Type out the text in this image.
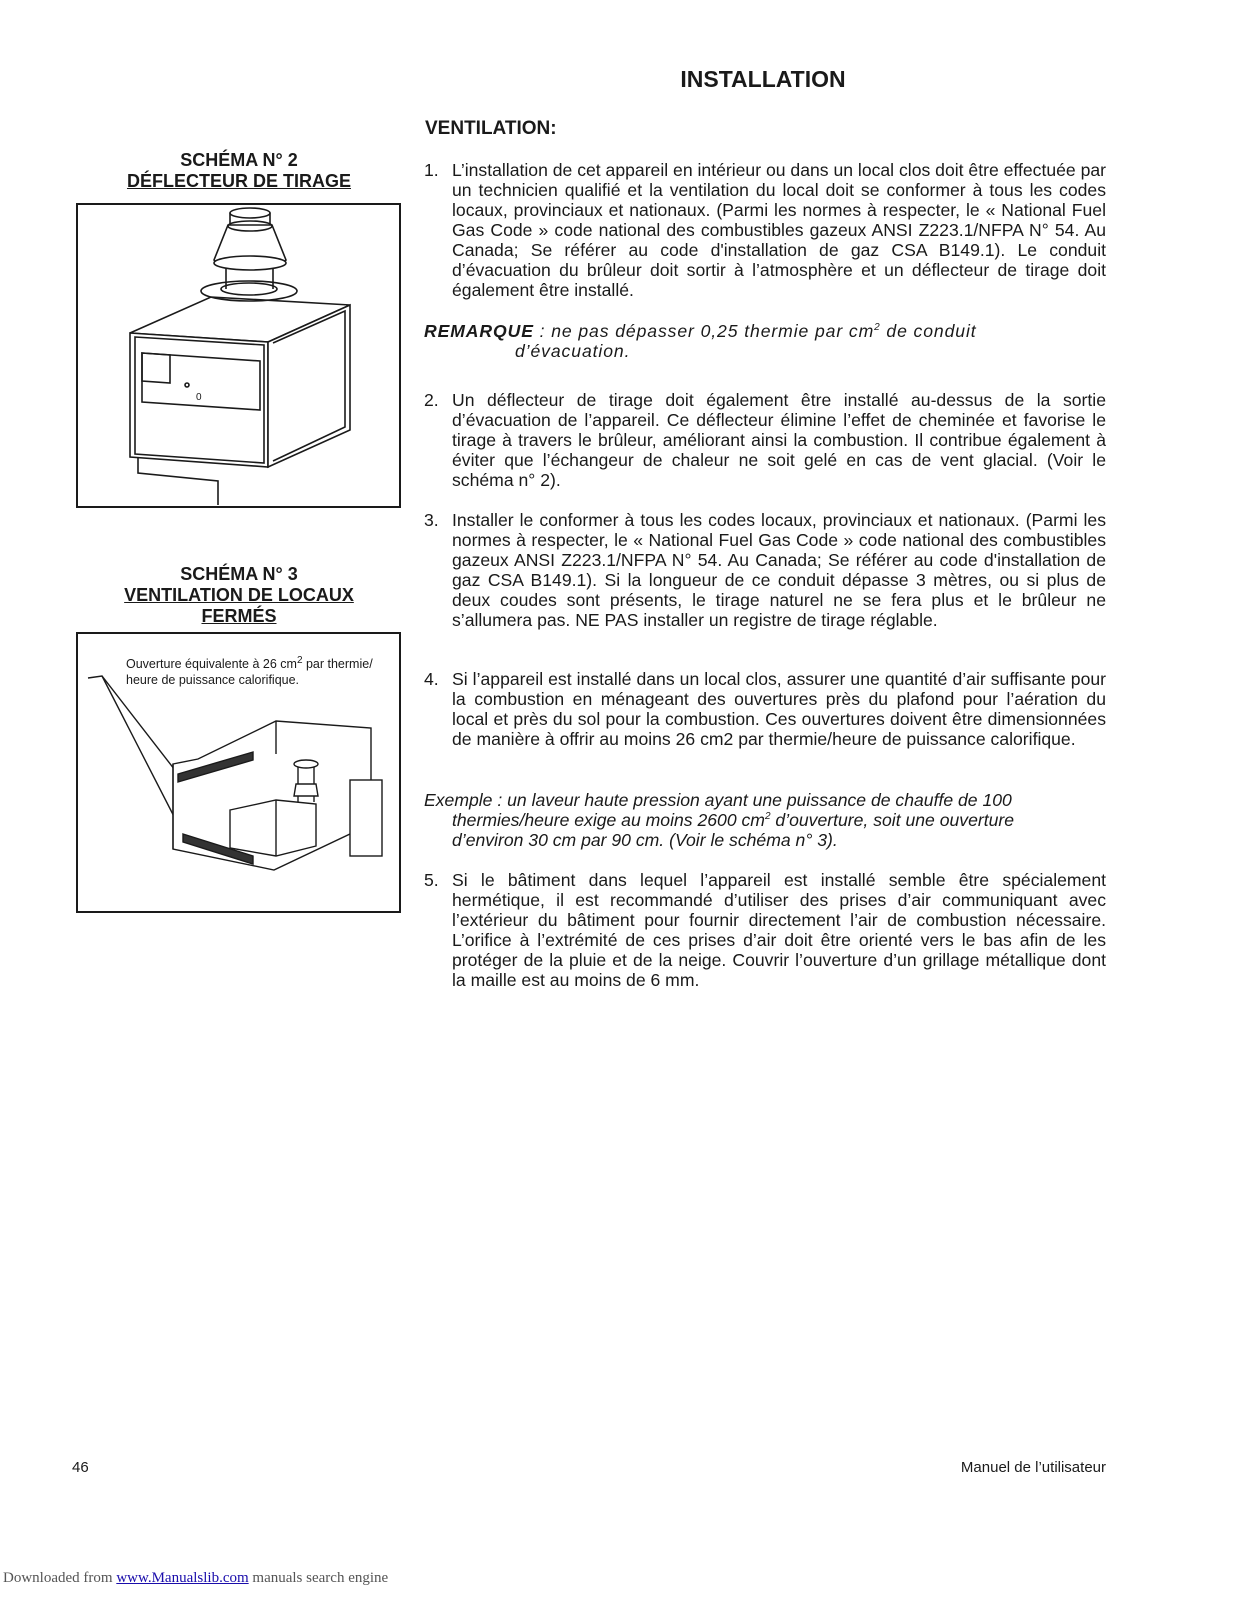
INSTALLATION
VENTILATION:
SCHÉMA N° 2
DÉFLECTEUR DE TIRAGE
0
SCHÉMA N° 3
VENTILATION DE LOCAUX
FERMÉS
Ouverture équivalente à 26 $cm^2$ par thermie/ heure de puissance calorifique.
1. L’installation de cet appareil en intérieur ou dans un local clos doit être effectuée par un technicien qualifié et la ventilation du local doit se conformer à tous les codes locaux, provinciaux et nationaux. (Parmi les normes à respecter, le « National Fuel Gas Code » code national des combustibles gazeux ANSI Z223.1/NFPA N° 54. Au Canada; Se référer au code d'installation de gaz CSA B149.1). Le conduit d’évacuation du brûleur doit sortir à l’atmosphère et un déflecteur de tirage doit également être installé.
REMARQUE : ne pas dépasser 0,25 thermie par $cm^2$ de conduit
d’évacuation.
2. Un déflecteur de tirage doit également être installé au-dessus de la sortie d’évacuation de l’appareil. Ce déflecteur élimine l’effet de cheminée et favorise le tirage à travers le brûleur, améliorant ainsi la combustion. Il contribue également à éviter que l’échangeur de chaleur ne soit gelé en cas de vent glacial. (Voir le schéma n° 2).
3. Installer le conformer à tous les codes locaux, provinciaux et nationaux. (Parmi les normes à respecter, le « National Fuel Gas Code » code national des combustibles gazeux ANSI Z223.1/NFPA N° 54. Au Canada; Se référer au code d'installation de gaz CSA B149.1). Si la longueur de ce conduit dépasse 3 mètres, ou si plus de deux coudes sont présents, le tirage naturel ne se fera plus et le brûleur ne s’allumera pas. NE PAS installer un registre de tirage réglable.
4. Si l’appareil est installé dans un local clos, assurer une quantité d’air suffisante pour la combustion en ménageant des ouvertures près du plafond pour l’aération du local et près du sol pour la combustion. Ces ouvertures doivent être dimensionnées de manière à offrir au moins 26 cm2 par thermie/heure de puissance calorifique.
Exemple : un laveur haute pression ayant une puissance de chauffe de 100
thermies/heure exige au moins 2600 $cm^2$ d’ouverture, soit une ouverture
d’environ 30 cm par 90 cm. (Voir le schéma n° 3).
5. Si le bâtiment dans lequel l’appareil est installé semble être spécialement hermétique, il est recommandé d’utiliser des prises d’air communiquant avec l’extérieur du bâtiment pour fournir directement l’air de combustion nécessaire. L’orifice à l’extrémité de ces prises d’air doit être orienté vers le bas afin de les protéger de la pluie et de la neige. Couvrir l’ouverture d’un grillage métallique dont la maille est au moins de 6 mm.
46	Manuel de l’utilisateur
Downloaded from www.Manualslib.com manuals search engine
